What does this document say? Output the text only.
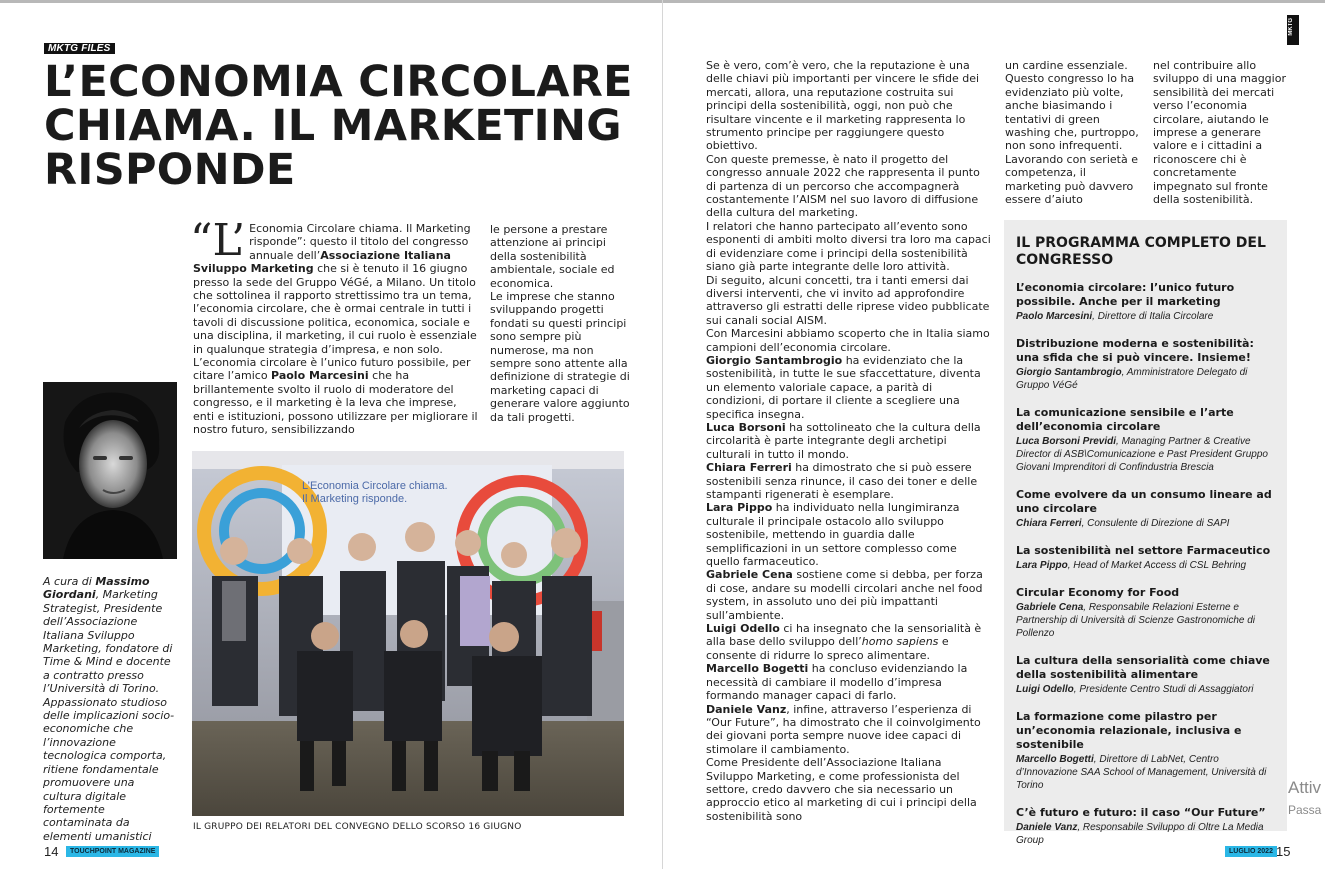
MKTG FILES
L’ECONOMIA CIRCOLARE
CHIAMA. IL MARKETING
RISPONDE

“L’ Economia Circolare chiama. Il Marketing risponde”: questo il titolo del congresso annuale dell’Associazione Italiana Sviluppo Marketing che si è tenuto il 16 giugno presso la sede del Gruppo VéGé, a Milano. Un titolo che sottolinea il rapporto strettissimo tra un tema, l’economia circolare, che è ormai centrale in tutti i tavoli di discussione politica, economica, sociale e una disciplina, il marketing, il cui ruolo è essenziale in qualunque strategia d’impresa, e non solo.

L’economia circolare è l’unico futuro possibile, per citare l’amico Paolo Marcesini che ha brillantemente svolto il ruolo di moderatore del congresso, e il marketing è la leva che imprese, enti e istituzioni, possono utilizzare per migliorare il nostro futuro, sensibilizzando

le persone a prestare attenzione ai principi della sostenibilità ambientale, sociale ed economica.

Le imprese che stanno sviluppando progetti fondati su questi principi sono sempre più numerose, ma non sempre sono attente alla definizione di strategie di marketing capaci di generare valore aggiunto da tali progetti.

A cura di Massimo Giordani, Marketing Strategist, Presidente dell’Associazione Italiana Sviluppo Marketing, fondatore di Time & Mind e docente a contratto presso l’Università di Torino. Appassionato studioso delle implicazioni socio-economiche che l’innovazione tecnologica comporta, ritiene fondamentale promuovere una cultura digitale fortemente contaminata da elementi umanistici
L’Economia Circolare chiama.
Il Marketing risponde.
IL GRUPPO DEI RELATORI DEL CONVEGNO DELLO SCORSO 16 GIUGNO
14	TOUCHPOINT MAGAZINE

Se è vero, com’è vero, che la reputazione è una delle chiavi più importanti per vincere le sfide dei mercati, allora, una reputazione costruita sui principi della sostenibilità, oggi, non può che risultare vincente e il marketing rappresenta lo strumento principe per raggiungere questo obiettivo.

Con queste premesse, è nato il progetto del congresso annuale 2022 che rappresenta il punto di partenza di un percorso che accompagnerà costantemente l’AISM nel suo lavoro di diffusione della cultura del marketing.

I relatori che hanno partecipato all’evento sono esponenti di ambiti molto diversi tra loro ma capaci di evidenziare come i principi della sostenibilità siano già parte integrante delle loro attività.

Di seguito, alcuni concetti, tra i tanti emersi dai diversi interventi, che vi invito ad approfondire attraverso gli estratti delle riprese video pubblicate sui canali social AISM.

Con Marcesini abbiamo scoperto che in Italia siamo campioni dell’economia circolare.

Giorgio Santambrogio ha evidenziato che la sostenibilità, in tutte le sue sfaccettature, diventa un elemento valoriale capace, a parità di condizioni, di portare il cliente a scegliere una specifica insegna.

Luca Borsoni ha sottolineato che la cultura della circolarità è parte integrante degli archetipi culturali in tutto il mondo.

Chiara Ferreri ha dimostrato che si può essere sostenibili senza rinunce, il caso dei toner e delle stampanti rigenerati è esemplare.

Lara Pippo ha individuato nella lungimiranza culturale il principale ostacolo allo sviluppo sostenibile, mettendo in guardia dalle semplificazioni in un settore complesso come quello farmaceutico.

Gabriele Cena sostiene come si debba, per forza di cose, andare su modelli circolari anche nel food system, in assoluto uno dei più impattanti sull’ambiente.

Luigi Odello ci ha insegnato che la sensorialità è alla base dello sviluppo dell’homo sapiens e consente di ridurre lo spreco alimentare.

Marcello Bogetti ha concluso evidenziando la necessità di cambiare il modello d’impresa formando manager capaci di farlo.

Daniele Vanz, infine, attraverso l’esperienza di “Our Future”, ha dimostrato che il coinvolgimento dei giovani porta sempre nuove idee capaci di stimolare il cambiamento.

Come Presidente dell’Associazione Italiana Sviluppo Marketing, e come professionista del settore, credo davvero che sia necessario un approccio etico al marketing di cui i principi della sostenibilità sono

un cardine essenziale. Questo congresso lo ha evidenziato più volte, anche biasimando i tentativi di green washing che, purtroppo, non sono infrequenti. Lavorando con serietà e competenza, il marketing può davvero essere d’aiuto

nel contribuire allo sviluppo di una maggior sensibilità dei mercati verso l’economia circolare, aiutando le imprese a generare valore e i cittadini a riconoscere chi è concretamente impegnato sul fronte della sostenibilità.

IL PROGRAMMA COMPLETO DEL CONGRESSO
L’economia circolare: l’unico futuro possibile. Anche per il marketing
Paolo Marcesini, Direttore di Italia Circolare
Distribuzione moderna e sostenibilità: una sfida che si può vincere. Insieme!
Giorgio Santambrogio, Amministratore Delegato di Gruppo VéGé
La comunicazione sensibile e l’arte dell’economia circolare
Luca Borsoni Previdi, Managing Partner & Creative Director di ASB\Comunicazione e Past President Gruppo Giovani Imprenditori di Confindustria Brescia
Come evolvere da un consumo lineare ad uno circolare
Chiara Ferreri, Consulente di Direzione di SAPI
La sostenibilità nel settore Farmaceutico
Lara Pippo, Head of Market Access di CSL Behring
Circular Economy for Food
Gabriele Cena, Responsabile Relazioni Esterne e Partnership di Università di Scienze Gastronomiche di Pollenzo
La cultura della sensorialità come chiave della sostenibilità alimentare
Luigi Odello, Presidente Centro Studi di Assaggiatori
La formazione come pilastro per un’economia relazionale, inclusiva e sostenibile
Marcello Bogetti, Direttore di LabNet, Centro d’Innovazione SAA School of Management, Università di Torino
C’è futuro e futuro: il caso “Our Future”
Daniele Vanz, Responsabile Sviluppo di Oltre La Media Group
LUGLIO 2022 15
MKTG
Attiv
Passa
